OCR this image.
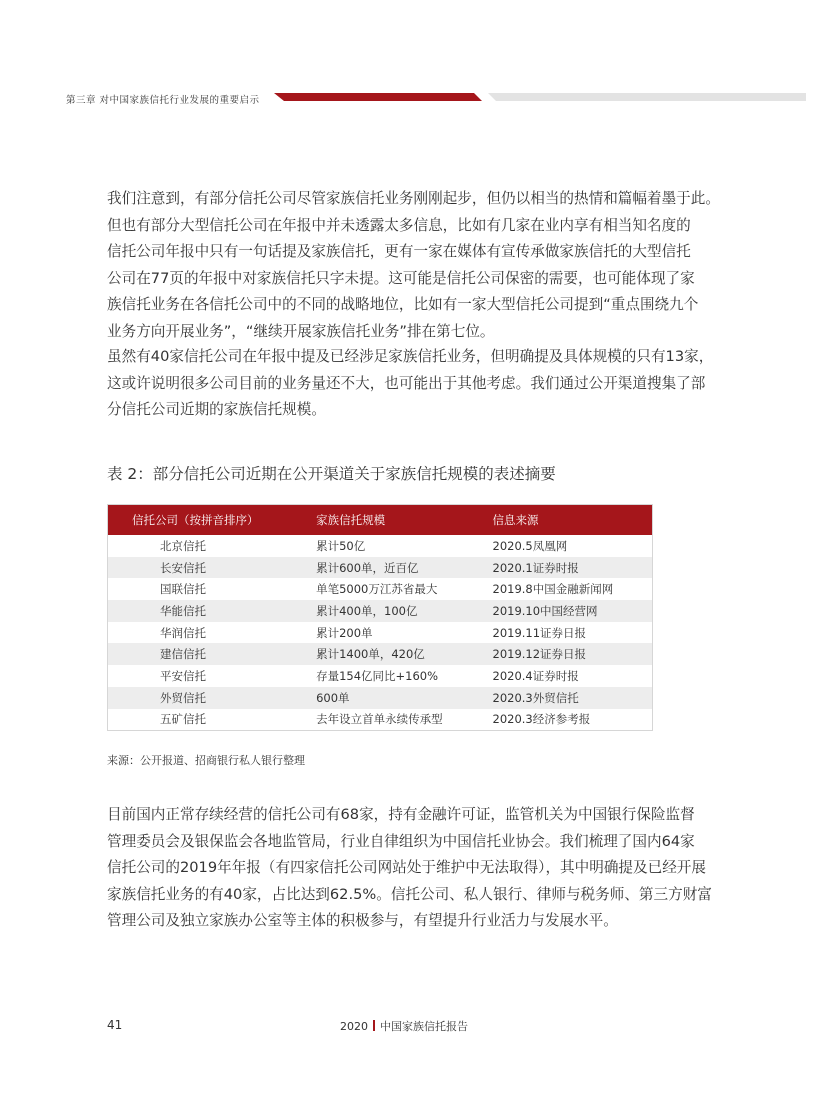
第三章 对中国家族信托行业发展的重要启示
我们注意到，有部分信托公司尽管家族信托业务刚刚起步，但仍以相当的热情和篇幅着墨于此。
但也有部分大型信托公司在年报中并未透露太多信息，比如有几家在业内享有相当知名度的
信托公司年报中只有一句话提及家族信托，更有一家在媒体有宣传承做家族信托的大型信托
公司在77页的年报中对家族信托只字未提。这可能是信托公司保密的需要，也可能体现了家
族信托业务在各信托公司中的不同的战略地位，比如有一家大型信托公司提到“重点围绕九个
业务方向开展业务”，“继续开展家族信托业务”排在第七位。
虽然有40家信托公司在年报中提及已经涉足家族信托业务，但明确提及具体规模的只有13家，
这或许说明很多公司目前的业务量还不大，也可能出于其他考虑。我们通过公开渠道搜集了部
分信托公司近期的家族信托规模。
表 2：部分信托公司近期在公开渠道关于家族信托规模的表述摘要
信托公司（按拼音排序）	家族信托规模	信息来源
北京信托	累计50亿	2020.5凤凰网
长安信托	累计600单，近百亿	2020.1证券时报
国联信托	单笔5000万江苏省最大	2019.8中国金融新闻网
华能信托	累计400单，100亿	2019.10中国经营网
华润信托	累计200单	2019.11证券日报
建信信托	累计1400单，420亿	2019.12证券日报
平安信托	存量154亿同比+160%	2020.4证券时报
外贸信托	600单	2020.3外贸信托
五矿信托	去年设立首单永续传承型	2020.3经济参考报
来源：公开报道、招商银行私人银行整理
目前国内正常存续经营的信托公司有68家，持有金融许可证，监管机关为中国银行保险监督
管理委员会及银保监会各地监管局，行业自律组织为中国信托业协会。我们梳理了国内64家
信托公司的2019年年报（有四家信托公司网站处于维护中无法取得），其中明确提及已经开展
家族信托业务的有40家，占比达到62.5%。信托公司、私人银行、律师与税务师、第三方财富
管理公司及独立家族办公室等主体的积极参与，有望提升行业活力与发展水平。
41	2020 中国家族信托报告
